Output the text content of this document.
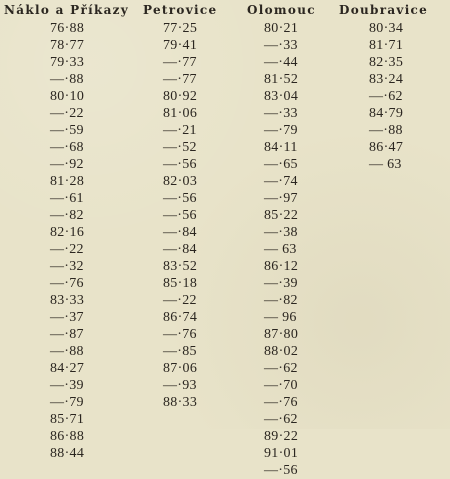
Náklo a Příkazy
76·88
78·77
79·33
—·88
80·10
—·22
—·59
—·68
—·92
81·28
—·61
—·82
82·16
—·22
—·32
—·76
83·33
—·37
—·87
—·88
84·27
—·39
—·79
85·71
86·88
88·44
Petrovice
77·25
79·41
—·77
—·77
80·92
81·06
—·21
—·52
—·56
82·03
—·56
—·56
—·84
—·84
83·52
85·18
—·22
86·74
—·76
—·85
87·06
—·93
88·33
Olomouc
80·21
—·33
—·44
81·52
83·04
—·33
—·79
84·11
—·65
—·74
—·97
85·22
—·38
— 63
86·12
—·39
—·82
— 96
87·80
88·02
—·62
—·70
—·76
—·62
89·22
91·01
—·56
Doubravice
80·34
81·71
82·35
83·24
—·62
84·79
—·88
86·47
— 63
